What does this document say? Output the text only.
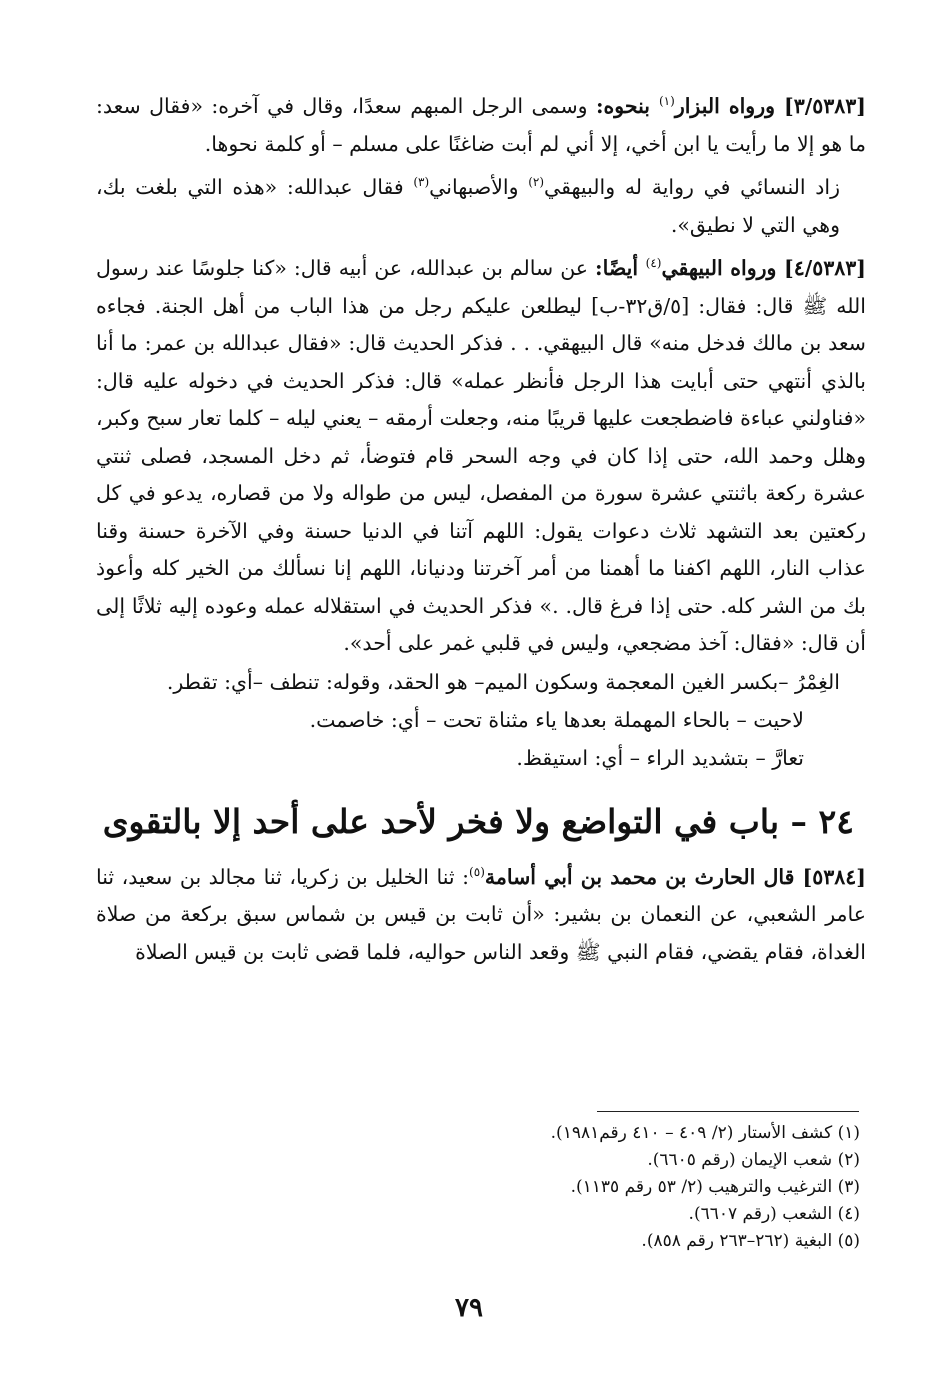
[٣/٥٣٨٣] ورواه البزار$^{(١)}$ بنحوه: وسمى الرجل المبهم سعدًا، وقال في آخره: «فقال سعد: ما هو إلا ما رأيت يا ابن أخي، إلا أني لم أبت ضاغنًا على مسلم – أو كلمة نحوها.

زاد النسائي في رواية له والبيهقي$^{(٢)}$ والأصبهاني$^{(٣)}$ فقال عبدالله: «هذه التي بلغت بك، وهي التي لا نطيق».

[٤/٥٣٨٣] ورواه البيهقي$^{(٤)}$ أيضًا: عن سالم بن عبدالله، عن أبيه قال: «كنا جلوسًا عند رسول الله ﷺ قال: فقال: [٥/ق٣٢-ب] ليطلعن عليكم رجل من هذا الباب من أهل الجنة. فجاءه سعد بن مالك فدخل منه» قال البيهقي. . . فذكر الحديث قال: «فقال عبدالله بن عمر: ما أنا بالذي أنتهي حتى أبايت هذا الرجل فأنظر عمله» قال: فذكر الحديث في دخوله عليه قال: «فناولني عباءة فاضطجعت عليها قريبًا منه، وجعلت أرمقه – يعني ليله – كلما تعار سبح وكبر، وهلل وحمد الله، حتى إذا كان في وجه السحر قام فتوضأ، ثم دخل المسجد، فصلى ثنتي عشرة ركعة باثنتي عشرة سورة من المفصل، ليس من طواله ولا من قصاره، يدعو في كل ركعتين بعد التشهد ثلاث دعوات يقول: اللهم آتنا في الدنيا حسنة وفي الآخرة حسنة وقنا عذاب النار، اللهم اكفنا ما أهمنا من أمر آخرتنا ودنيانا، اللهم إنا نسألك من الخير كله وأعوذ بك من الشر كله. حتى إذا فرغ قال. .» فذكر الحديث في استقلاله عمله وعوده إليه ثلاثًا إلى أن قال: «فقال: آخذ مضجعي، وليس في قلبي غمر على أحد».

الغِمْرُ –بكسر الغين المعجمة وسكون الميم– هو الحقد، وقوله: تنطف –أي: تقطر.

لاحيت – بالحاء المهملة بعدها ياء مثناة تحت – أي: خاصمت.

تعارَّ – بتشديد الراء – أي: استيقظ.

٢٤ – باب في التواضع ولا فخر لأحد على أحد إلا بالتقوى

[٥٣٨٤] قال الحارث بن محمد بن أبي أسامة$^{(٥)}$: ثنا الخليل بن زكريا، ثنا مجالد بن سعيد، ثنا عامر الشعبي، عن النعمان بن بشير: «أن ثابت بن قيس بن شماس سبق بركعة من صلاة الغداة، فقام يقضي، فقام النبي ﷺ وقعد الناس حواليه، فلما قضى ثابت بن قيس الصلاة

(١) كشف الأستار (٢/ ٤٠٩ – ٤١٠ رقم١٩٨١).

(٢) شعب الإيمان (رقم ٦٦٠٥).

(٣) الترغيب والترهيب (٢/ ٥٣ رقم ١١٣٥).

(٤) الشعب (رقم ٦٦٠٧).

(٥) البغية (٢٦٢–٢٦٣ رقم ٨٥٨).

٧٩
